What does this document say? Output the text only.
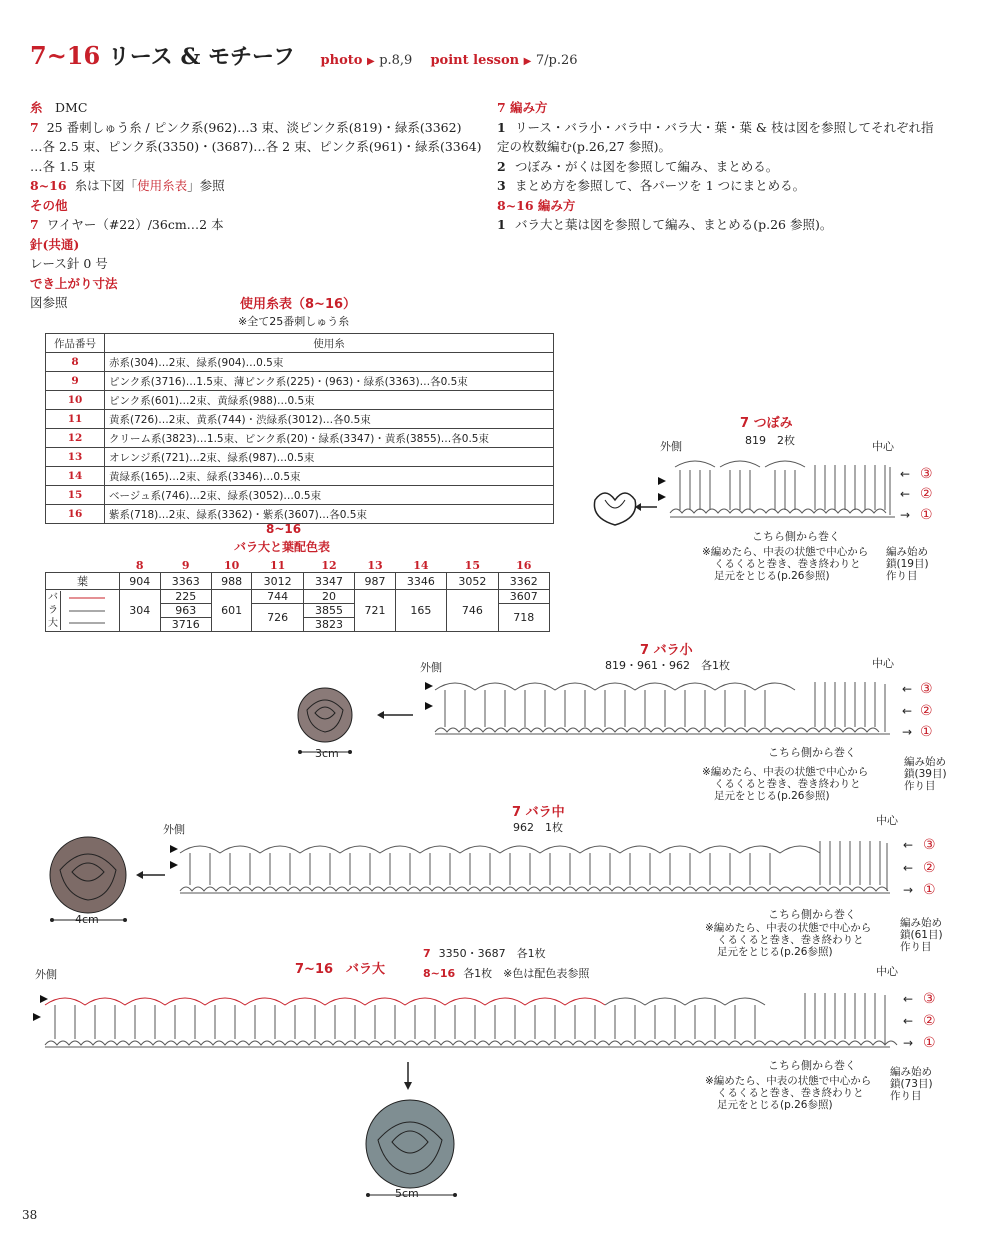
7~16 リース & モチーフ photo ▶ p.8,9 point lesson ▶ 7/p.26
糸　 DMC
7 25 番刺しゅう糸 / ピンク系(962)…3 束、淡ピンク系(819)・緑系(3362)
…各 2.5 束、ピンク系(3350)・(3687)…各 2 束、ピンク系(961)・緑系(3364)
…各 1.5 束
8~16 糸は下図「使用糸表」参照
その他
7 ワイヤー（#22）/36cm…2 本
針(共通)
レース針 0 号
でき上がり寸法
図参照
7 編み方
1 リース・バラ小・バラ中・バラ大・葉・葉 & 枝は図を参照してそれぞれ指
定の枚数編む(p.26,27 参照)。
2 つぼみ・がくは図を参照して編み、まとめる。
3 まとめ方を参照して、各パーツを 1 つにまとめる。
8~16 編み方
1 バラ大と葉は図を参照して編み、まとめる(p.26 参照)。
使用糸表（8~16）
※全て25番刺しゅう糸
作品番号	使用糸
8	赤系(304)…2束、緑系(904)…0.5束
9	ピンク系(3716)…1.5束、薄ピンク系(225)・(963)・緑系(3363)…各0.5束
10	ピンク系(601)…2束、黄緑系(988)…0.5束
11	黄系(726)…2束、黄系(744)・渋緑系(3012)…各0.5束
12	クリーム系(3823)…1.5束、ピンク系(20)・緑系(3347)・黄系(3855)…各0.5束
13	オレンジ系(721)…2束、緑系(987)…0.5束
14	黄緑系(165)…2束、緑系(3346)…0.5束
15	ベージュ系(746)…2束、緑系(3052)…0.5束
16	紫系(718)…2束、緑系(3362)・紫系(3607)…各0.5束
8~16
バラ大と葉配色表
	8	9	10	11	12	13	14	15	16
葉	904	3363	988	3012	3347	987	3346	3052	3362

バ
ラ
大	304	225	601	744	20	721	165	746	3607
		963		726	3855				718
		3716			3823				
7 つぼみ
819　2枚
外側	中心
③
②
①
←
←
→
こちら側から巻く
※編めたら、中表の状態で中心から
くるくると巻き、巻き終わりと
足元をとじる(p.26参照)
編み始め
鎖(19目)
作り目
7 バラ小
819・961・962　各1枚
外側	中心
③
②
①
←
←
→
こちら側から巻く
※編めたら、中表の状態で中心から
くるくると巻き、巻き終わりと
足元をとじる(p.26参照)
編み始め
鎖(39目)
作り目
3cm
7 バラ中
962　1枚
外側
中心
③
②
①
←
←
→
こちら側から巻く
※編めたら、中表の状態で中心から
くるくると巻き、巻き終わりと
足元をとじる(p.26参照)
編み始め
鎖(61目)
作り目
4cm
7~16　バラ大
7 3350・3687　各1枚
8~16 各1枚　※色は配色表参照
外側	中心
③
②
①
←
←
→
こちら側から巻く
※編めたら、中表の状態で中心から
くるくると巻き、巻き終わりと
足元をとじる(p.26参照)
編み始め
鎖(73目)
作り目
5cm
38
